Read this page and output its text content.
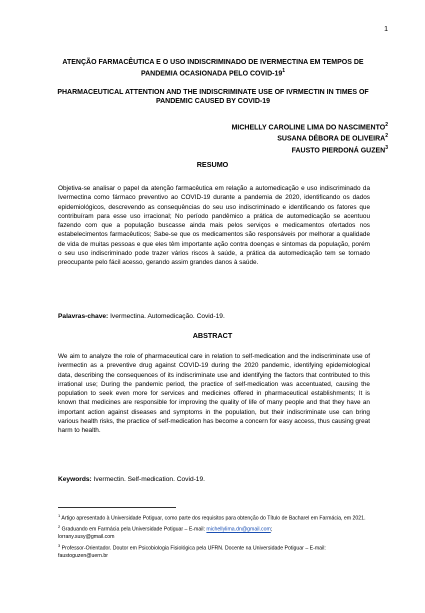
1
ATENÇÃO FARMACÊUTICA E O USO INDISCRIMINADO DE IVERMECTINA EM TEMPOS DE PANDEMIA OCASIONADA PELO COVID-$19^1$
PHARMACEUTICAL ATTENTION AND THE INDISCRIMINATE USE OF IVRMECTIN IN TIMES OF PANDEMIC CAUSED BY COVID-19
MICHELLY CAROLINE LIMA DO NASCIMENTO$^2$
SUSANA DÉBORA DE OLIVEIRA$^2$
FAUSTO PIERDONÁ GUZEN$^3$
RESUMO

Objetiva-se analisar o papel da atenção farmacêutica em relação a automedicação e uso indiscriminado da Ivermectina como fármaco preventivo ao COVID-19 durante a pandemia de 2020, identificando os dados epidemiológicos, descrevendo as consequências do seu uso indiscriminado e identificando os fatores que contribuíram para esse uso irracional; No período pandêmico a prática de automedicação se acentuou fazendo com que a população buscasse ainda mais pelos serviços e medicamentos ofertados nos estabelecimentos farmacêuticos; Sabe-se que os medicamentos são responsáveis por melhorar a qualidade de vida de muitas pessoas e que eles têm importante ação contra doenças e sintomas da população, porém o seu uso indiscriminado pode trazer vários riscos à saúde, a prática da automedicação tem se tornado preocupante pelo fácil acesso, gerando assim grandes danos à saúde.

Palavras-chave: Ivermectina. Automedicação. Covid-19.
ABSTRACT

We aim to analyze the role of pharmaceutical care in relation to self-medication and the indiscriminate use of ivermectin as a preventive drug against COVID-19 during the 2020 pandemic, identifying epidemiological data, describing the consequences of its indiscriminate use and identifying the factors that contributed to this irrational use; During the pandemic period, the practice of self-medication was accentuated, causing the population to seek even more for services and medicines offered in pharmaceutical establishments; It is known that medicines are responsible for improving the quality of life of many people and that they have an important action against diseases and symptoms in the population, but their indiscriminate use can bring various health risks, the practice of self-medication has become a concern for easy access, thus causing great harm to health.

Keywords: Ivermectin. Self-medication. Covid-19.
$^1$ Artigo apresentado à Universidade Potiguar, como parte dos requisitos para obtenção do Título de Bacharel em Farmácia, em 2021.
$^2$ Graduando em Farmácia pela Universidade Potiguar – E-mail: michellylima.dn@gmail.com;
lorrany.susy@gmail.com
$^3$ Professor-Orientador. Doutor em Psicobiologia Fisiológica pela UFRN. Docente na Universidade Potiguar – E-mail: faustoguzen@uern.br
